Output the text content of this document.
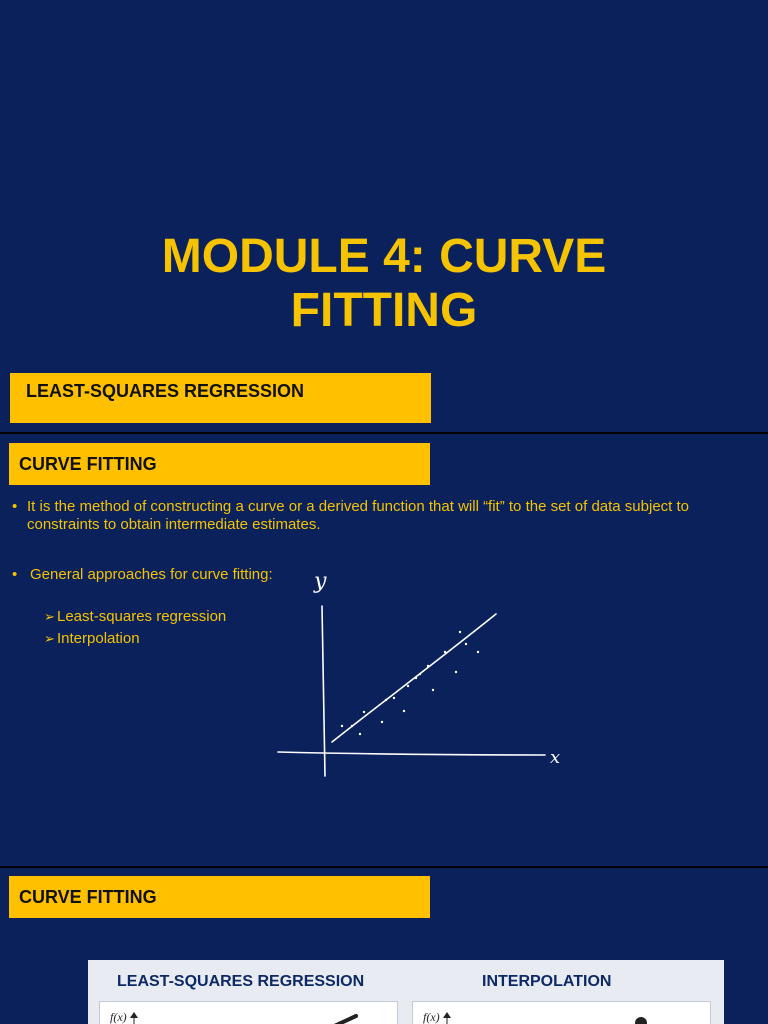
MODULE 4: CURVE
FITTING
LEAST-SQUARES REGRESSION
CURVE FITTING
• It is the method of constructing a curve or a derived function that will “fit” to the set of data subject to constraints to obtain intermediate estimates.
• General approaches for curve fitting:
➢ Least-squares regression
➢ Interpolation
y
x
CURVE FITTING
LEAST-SQUARES REGRESSION	INTERPOLATION
f(x)	f(x)
